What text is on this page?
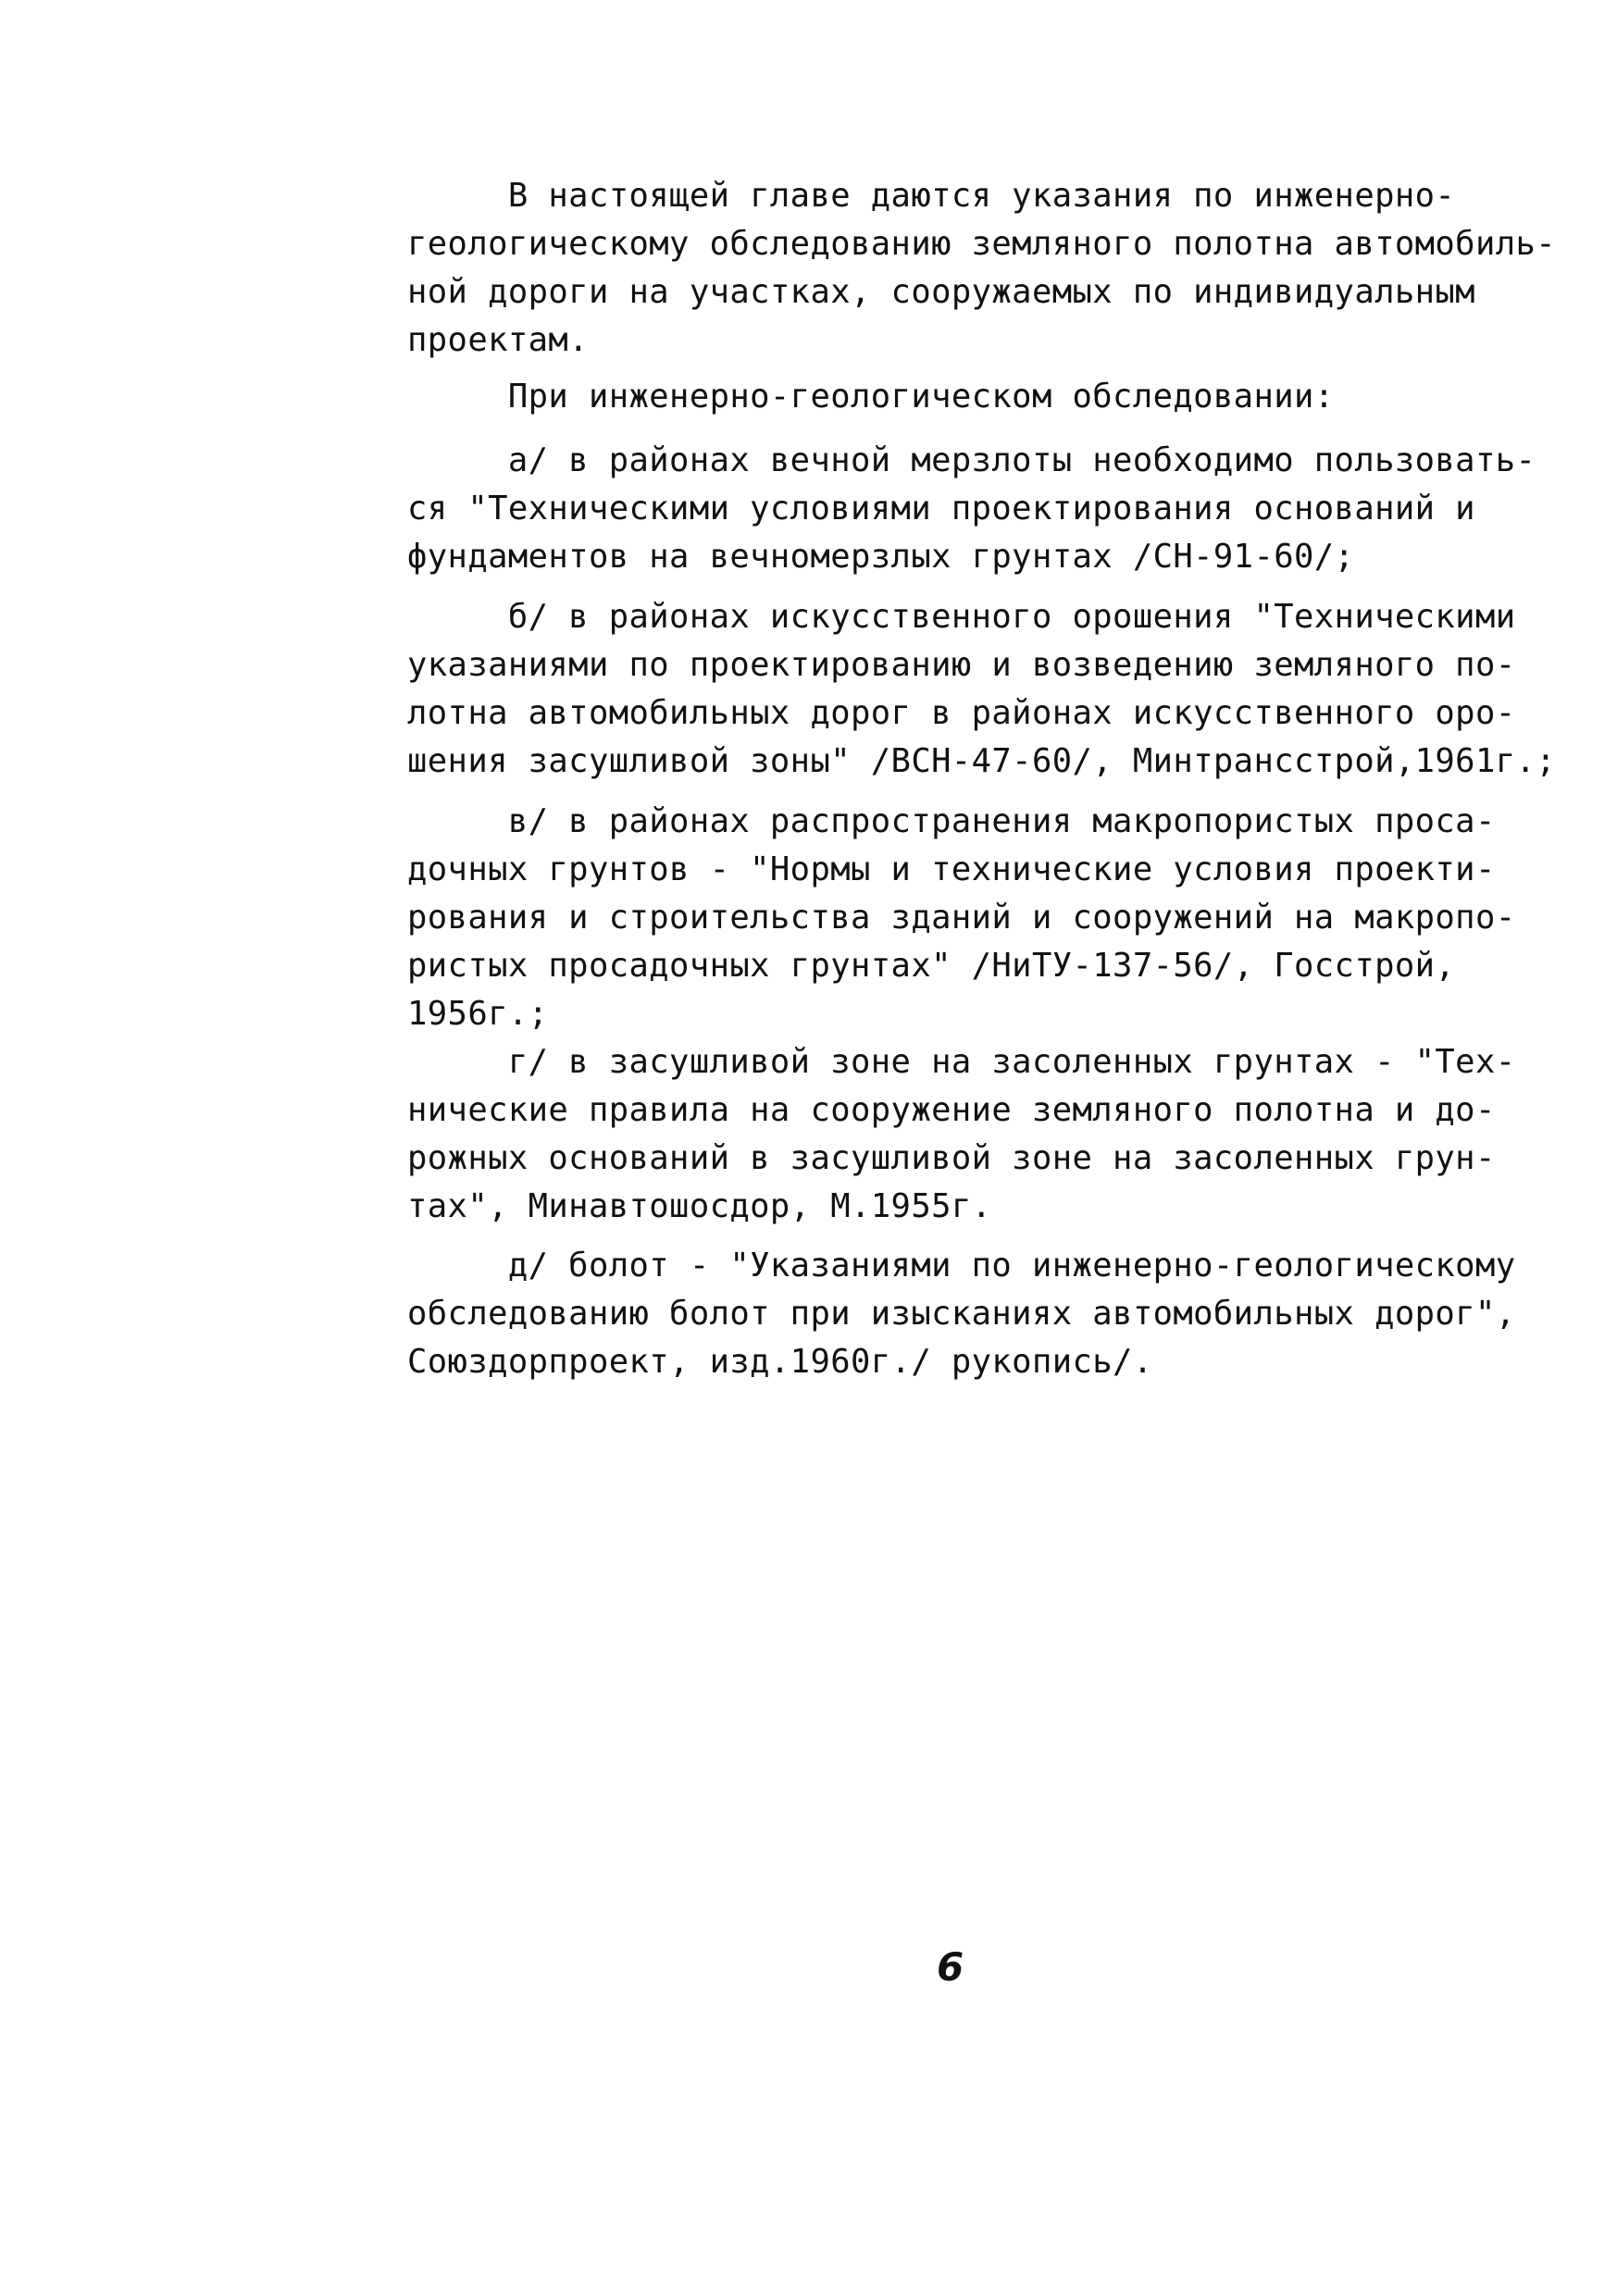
В настоящей главе даются указания по инженерно-
геологическому обследованию земляного полотна автомобиль-
ной дороги на участках, сооружаемых по индивидуальным
проектам.
При инженерно-геологическом обследовании:
а/ в районах вечной мерзлоты необходимо пользовать-
ся "Техническими условиями проектирования оснований и
фундаментов на вечномерзлых грунтах /СН-91-60/;
б/ в районах искусственного орошения "Техническими
указаниями по проектированию и возведению земляного по-
лотна автомобильных дорог в районах искусственного оро-
шения засушливой зоны" /ВСН-47-60/, Минтрансстрой,1961г.;
в/ в районах распространения макропористых проса-
дочных грунтов - "Нормы и технические условия проекти-
рования и строительства зданий и сооружений на макропо-
ристых просадочных грунтах" /НиТУ-137-56/, Госстрой,
1956г.;
г/ в засушливой зоне на засоленных грунтах - "Тех-
нические правила на сооружение земляного полотна и до-
рожных оснований в засушливой зоне на засоленных грун-
тах", Минавтошосдор, М.1955г.
д/ болот - "Указаниями по инженерно-геологическому
обследованию болот при изысканиях автомобильных дорог",
Союздорпроект, изд.1960г./ рукопись/.
6
